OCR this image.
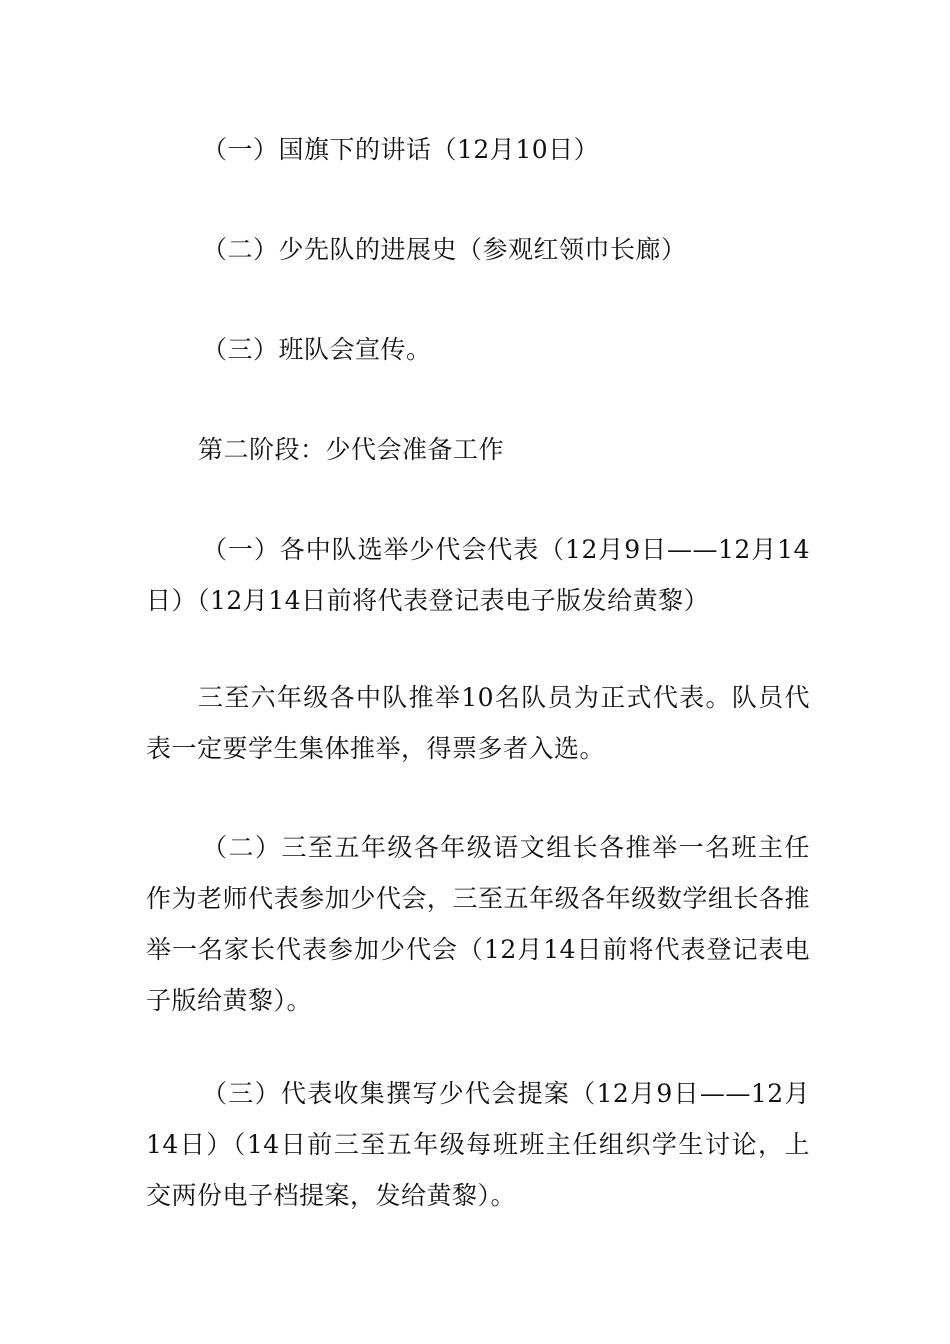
（一）国旗下的讲话（12月10日）

（二）少先队的进展史（参观红领巾长廊）

（三）班队会宣传。

第二阶段：少代会准备工作

（一）各中队选举少代会代表（12月9日——12月14日）（12月14日前将代表登记表电子版发给黄黎）

三至六年级各中队推举10名队员为正式代表。队员代表一定要学生集体推举，得票多者入选。

（二）三至五年级各年级语文组长各推举一名班主任作为老师代表参加少代会，三至五年级各年级数学组长各推举一名家长代表参加少代会（12月14日前将代表登记表电子版给黄黎）。

（三）代表收集撰写少代会提案（12月9日——12月14日）（14日前三至五年级每班班主任组织学生讨论，上交两份电子档提案，发给黄黎）。
